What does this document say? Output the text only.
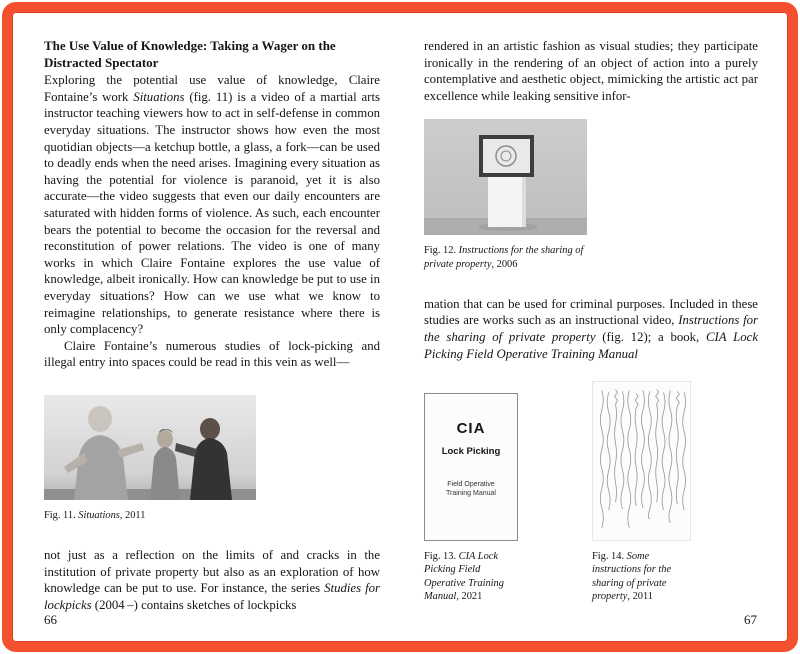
The Use Value of Knowledge: Taking a Wager on the Distracted Spectator

Exploring the potential use value of knowledge, Claire Fontaine’s work Situations (fig. 11) is a video of a martial arts instructor teaching viewers how to act in self-defense in common everyday situations. The instructor shows how even the most quotidian objects—a ketchup bottle, a glass, a fork—can be used to deadly ends when the need arises. Imagining every situation as having the potential for violence is paranoid, yet it is also accurate—the video suggests that even our daily encounters are saturated with hidden forms of violence. As such, each encounter bears the potential to become the occasion for the reversal and reconstitution of power relations. The video is one of many works in which Claire Fontaine explores the use value of knowledge, albeit ironically. How can knowledge be put to use in everyday situations? How can we use what we know to reimagine relationships, to generate resistance where there is only complacency?

Claire Fontaine’s numerous studies of lock-picking and illegal entry into spaces could be read in this vein as well—

Fig. 11. Situations, 2011

not just as a reflection on the limits of and cracks in the institution of private property but also as an exploration of how knowledge can be put to use. For instance, the series Studies for lockpicks (2004 –) contains sketches of lockpicks

rendered in an artistic fashion as visual studies; they participate ironically in the rendering of an object of action into a purely contemplative and aesthetic object, mimicking the artistic act par excellence while leaking sensitive infor-

Fig. 12. Instructions for the sharing of private property, 2006

mation that can be used for criminal purposes. Included in these studies are works such as an instructional video, Instructions for the sharing of private property (fig. 12); a book, CIA Lock Picking Field Operative Training Manual

CIA
Lock Picking
Field Operative
Training Manual

Fig. 13. CIA Lock Picking Field Operative Training Manual, 2021

Fig. 14. Some instructions for the sharing of private property, 2011

66	67
